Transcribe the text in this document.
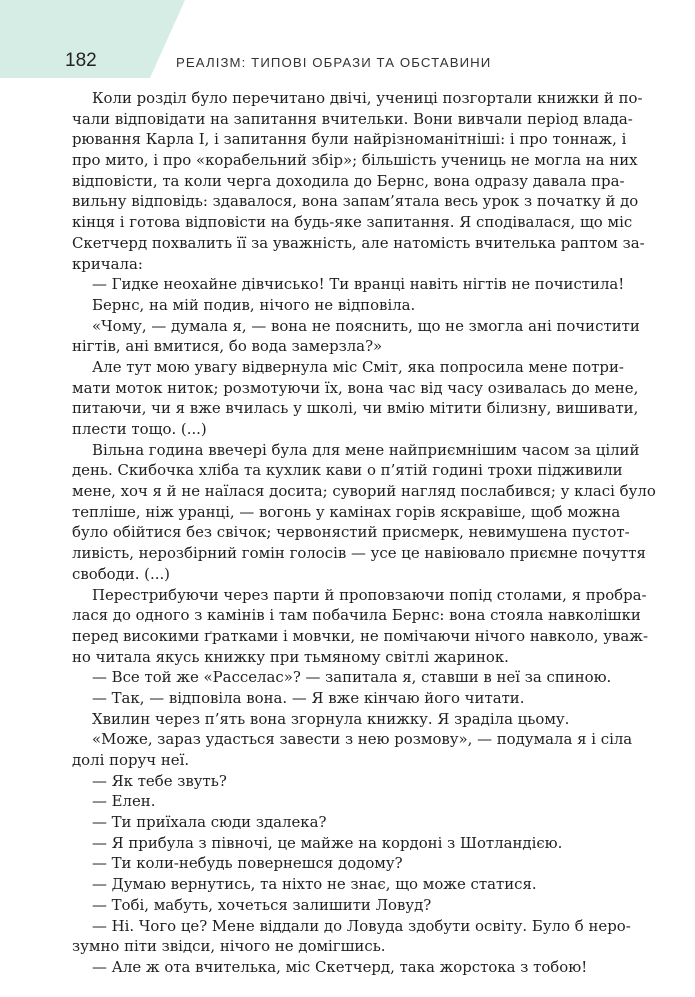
182	РЕАЛІЗМ: ТИПОВІ ОБРАЗИ ТА ОБСТАВИНИ
Коли розділ було перечитано двічі, учениці позгортали книжки й по-
чали відповідати на запитання вчительки. Вони вивчали період влада-
рювання Карла І, і запитання були найрізноманітніші: і про тоннаж, і
про мито, і про «корабельний збір»; більшість учениць не могла на них
відповісти, та коли черга доходила до Бернс, вона одразу давала пра-
вильну відповідь: здавалося, вона запам’ятала весь урок з початку й до
кінця і готова відповісти на будь-яке запитання. Я сподівалася, що міс
Скетчерд похвалить її за уважність, але натомість вчителька раптом за-
кричала:
— Гидке неохайне дівчисько! Ти вранці навіть нігтів не почистила!
Бернс, на мій подив, нічого не відповіла.
«Чому, — думала я, — вона не пояснить, що не змогла ані почистити
нігтів, ані вмитися, бо вода замерзла?»
Але тут мою увагу відвернула міс Сміт, яка попросила мене потри-
мати моток ниток; розмотуючи їх, вона час від часу озивалась до мене,
питаючи, чи я вже вчилась у школі, чи вмію мітити білизну, вишивати,
плести тощо. (...)
Вільна година ввечері була для мене найприємнішим часом за цілий
день. Скибочка хліба та кухлик кави о п’ятій годині трохи підживили
мене, хоч я й не наїлася досита; суворий нагляд послабився; у класі було
тепліше, ніж уранці, — вогонь у камінах горів яскравіше, щоб можна
було обійтися без свічок; червонястий присмерк, невимушена пустот-
ливість, нерозбірний гомін голосів — усе це навіювало приємне почуття
свободи. (...)
Перестрибуючи через парти й проповзаючи попід столами, я пробра-
лася до одного з камінів і там побачила Бернс: вона стояла навколішки
перед високими ґратками і мовчки, не помічаючи нічого навколо, уваж-
но читала якусь книжку при тьмяному світлі жаринок.
— Все той же «Расселас»? — запитала я, ставши в неї за спиною.
— Так, — відповіла вона. — Я вже кінчаю його читати.
Хвилин через п’ять вона згорнула книжку. Я зраділа цьому.
«Може, зараз удасться завести з нею розмову», — подумала я і сіла
долі поруч неї.
— Як тебе звуть?
— Елен.
— Ти приїхала сюди здалека?
— Я прибула з півночі, це майже на кордоні з Шотландією.
— Ти коли-небудь повернешся додому?
— Думаю вернутись, та ніхто не знає, що може статися.
— Тобі, мабуть, хочеться залишити Ловуд?
— Ні. Чого це? Мене віддали до Ловуда здобути освіту. Було б неро-
зумно піти звідси, нічого не домігшись.
— Але ж ота вчителька, міс Скетчерд, така жорстока з тобою!
